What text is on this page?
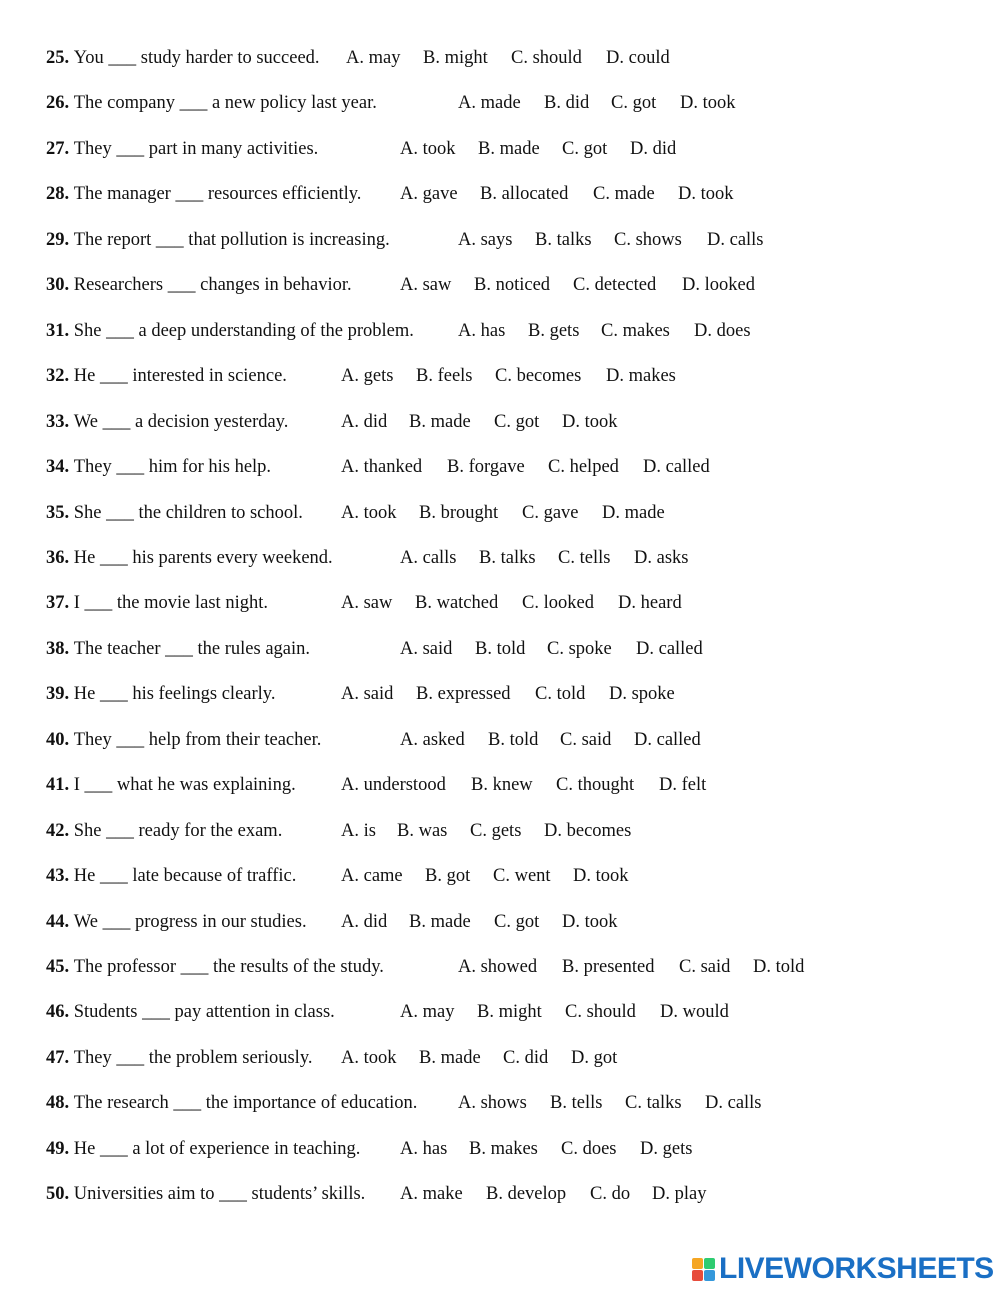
25. You ___ study harder to succeed. A. may B. might C. should D. could
26. The company ___ a new policy last year.	A. made B. did C. got D. took
27. They ___ part in many activities.	A. took B. made C. got D. did
28. The manager ___ resources efficiently. A. gave B. allocated C. made D. took
29. The report ___ that pollution is increasing.	A. says B. talks C. shows D. calls
30. Researchers ___ changes in behavior.	A. saw B. noticed C. detected D. looked
31. She ___ a deep understanding of the problem. A. has B. gets C. makes D. does
32. He ___ interested in science.	A. gets B. feels C. becomes D. makes
33. We ___ a decision yesterday.	A. did B. made C. got D. took
34. They ___ him for his help.	A. thanked B. forgave C. helped D. called
35. She ___ the children to school. A. took B. brought C. gave D. made
36. He ___ his parents every weekend.	A. calls B. talks C. tells D. asks
37. I ___ the movie last night.	A. saw B. watched C. looked D. heard
38. The teacher ___ the rules again.	A. said B. told C. spoke D. called
39. He ___ his feelings clearly.	A. said B. expressed C. told D. spoke
40. They ___ help from their teacher.	A. asked B. told C. said D. called
41. I ___ what he was explaining. A. understood B. knew C. thought D. felt
42. She ___ ready for the exam.	A. is B. was C. gets D. becomes
43. He ___ late because of traffic. A. came B. got C. went D. took
44. We ___ progress in our studies. A. did B. made C. got D. took
45. The professor ___ the results of the study.	A. showed B. presented C. said D. told
46. Students ___ pay attention in class.	A. may B. might C. should D. would
47. They ___ the problem seriously. A. took B. made C. did D. got
48. The research ___ the importance of education. A. shows B. tells C. talks D. calls
49. He ___ a lot of experience in teaching. A. has B. makes C. does D. gets
50. Universities aim to ___ students’ skills. A. make B. develop C. do D. play
LIVEWORKSHEETS
